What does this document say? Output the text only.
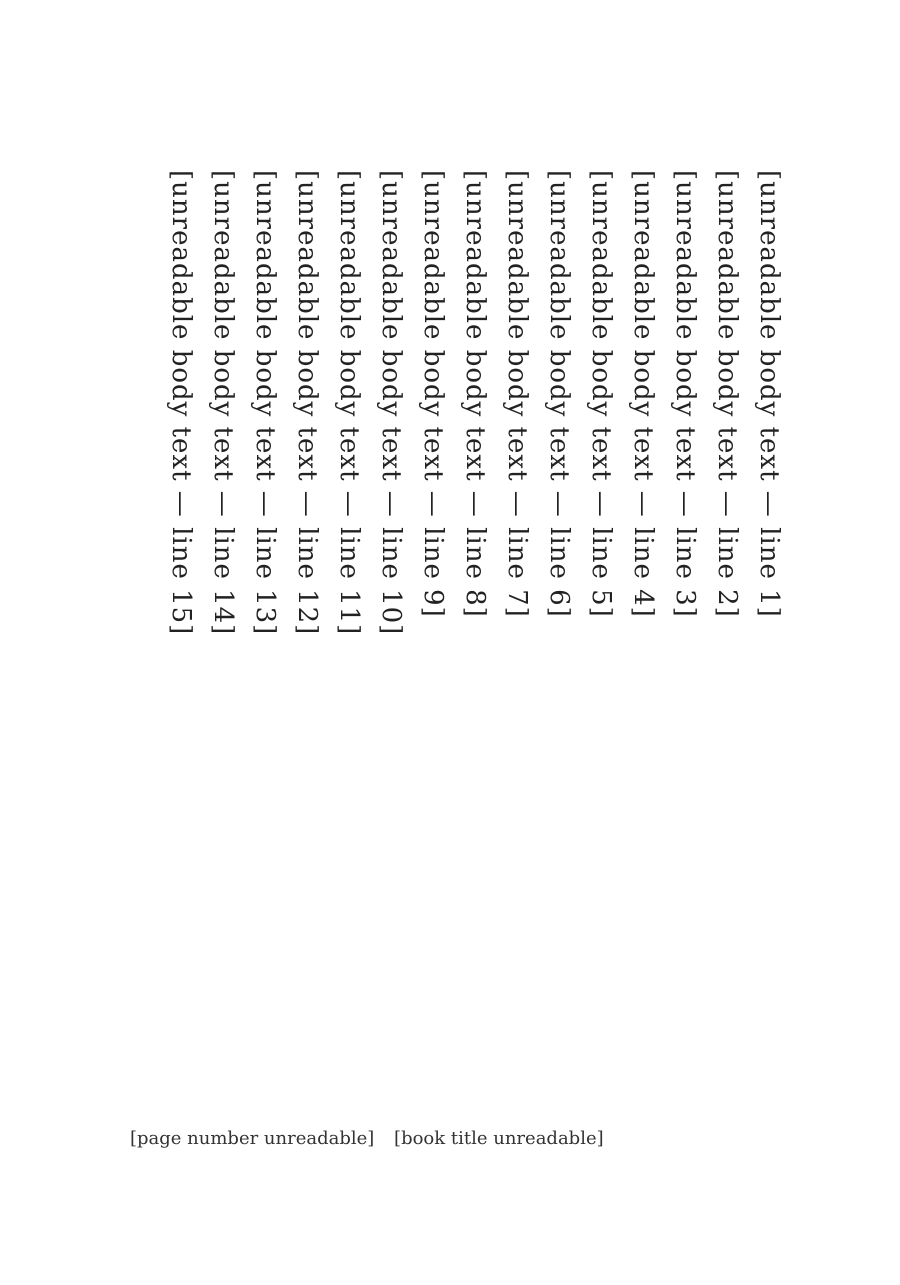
[unreadable body text — line 1]

[unreadable body text — line 2]

[unreadable body text — line 3]

[unreadable body text — line 4]

[unreadable body text — line 5]

[unreadable body text — line 6]

[unreadable body text — line 7]

[unreadable body text — line 8]

[unreadable body text — line 9]

[unreadable body text — line 10]

[unreadable body text — line 11]

[unreadable body text — line 12]

[unreadable body text — line 13]

[unreadable body text — line 14]

[unreadable body text — line 15]

[page number unreadable] [book title unreadable]
